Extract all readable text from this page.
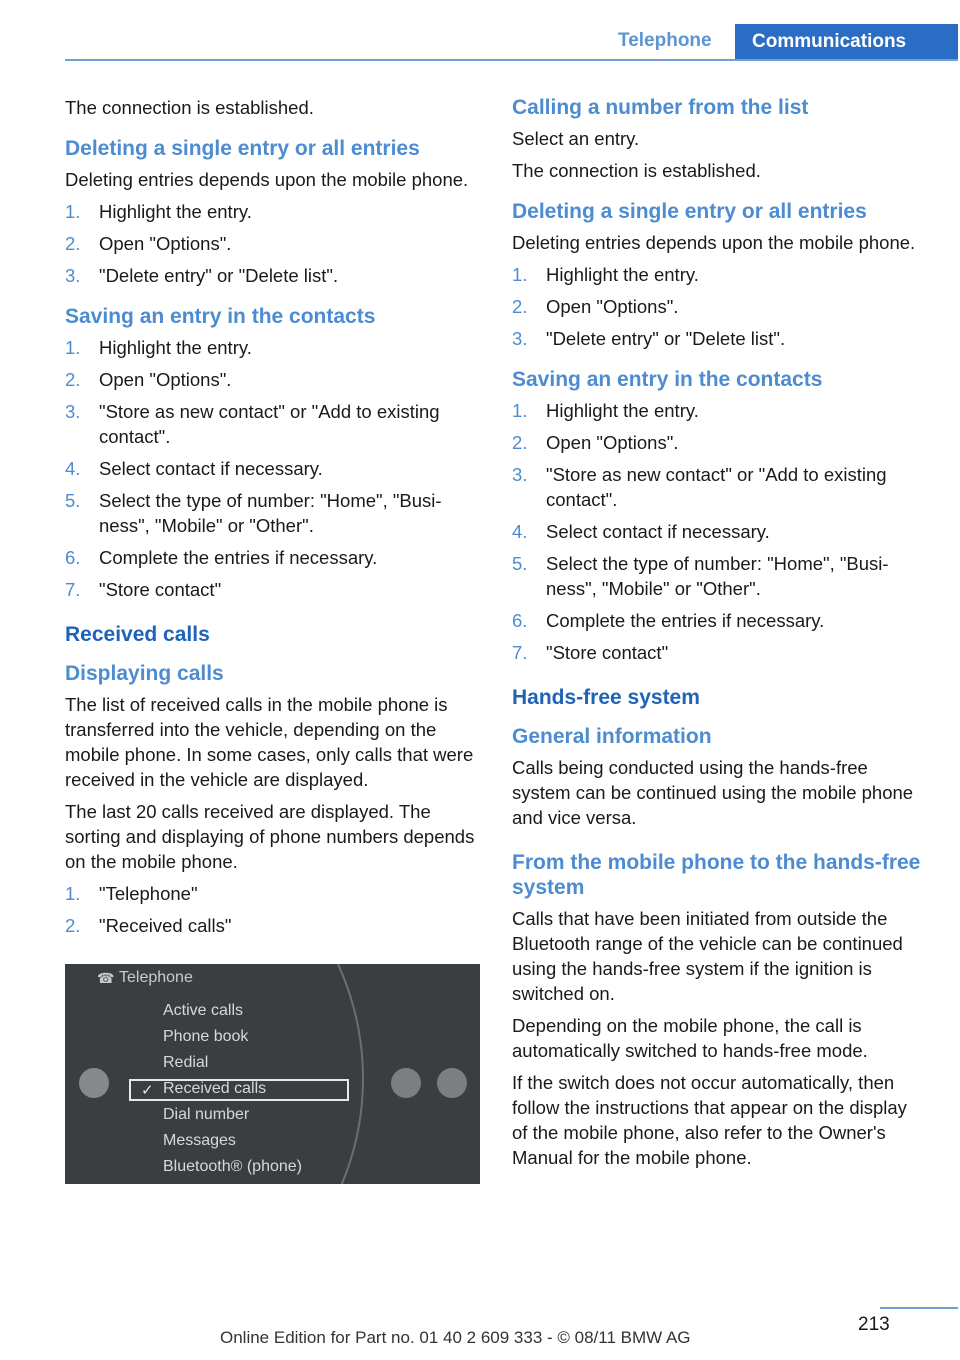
Telephone	Communications

The connection is established.

Deleting a single entry or all entries

Deleting entries depends upon the mobile phone.

1. Highlight the entry.
2. Open "Options".
3. "Delete entry" or "Delete list".
Saving an entry in the contacts
1. Highlight the entry.
2. Open "Options".
3. "Store as new contact" or "Add to existing contact".
4. Select contact if necessary.
5. Select the type of number: "Home", "Business", "Mobile" or "Other".
6. Complete the entries if necessary.
7. "Store contact"
Received calls
Displaying calls

The list of received calls in the mobile phone is transferred into the vehicle, depending on the mobile phone. In some cases, only calls that were received in the vehicle are displayed.

The last 20 calls received are displayed. The sorting and displaying of phone numbers depends on the mobile phone.

1. "Telephone"
2. "Received calls"
☎ Telephone
Active calls
Phone book
Redial
✓ Received calls
Dial number
Messages
Bluetooth® (phone)
Calling a number from the list

Select an entry.

The connection is established.

Deleting a single entry or all entries

Deleting entries depends upon the mobile phone.

1. Highlight the entry.
2. Open "Options".
3. "Delete entry" or "Delete list".
Saving an entry in the contacts
1. Highlight the entry.
2. Open "Options".
3. "Store as new contact" or "Add to existing contact".
4. Select contact if necessary.
5. Select the type of number: "Home", "Business", "Mobile" or "Other".
6. Complete the entries if necessary.
7. "Store contact"
Hands-free system
General information

Calls being conducted using the hands-free system can be continued using the mobile phone and vice versa.

From the mobile phone to the hands-free system

Calls that have been initiated from outside the Bluetooth range of the vehicle can be continued using the hands-free system if the ignition is switched on.

Depending on the mobile phone, the call is automatically switched to hands-free mode.

If the switch does not occur automatically, then follow the instructions that appear on the display of the mobile phone, also refer to the Owner's Manual for the mobile phone.

213
Online Edition for Part no. 01 40 2 609 333 - © 08/11 BMW AG
